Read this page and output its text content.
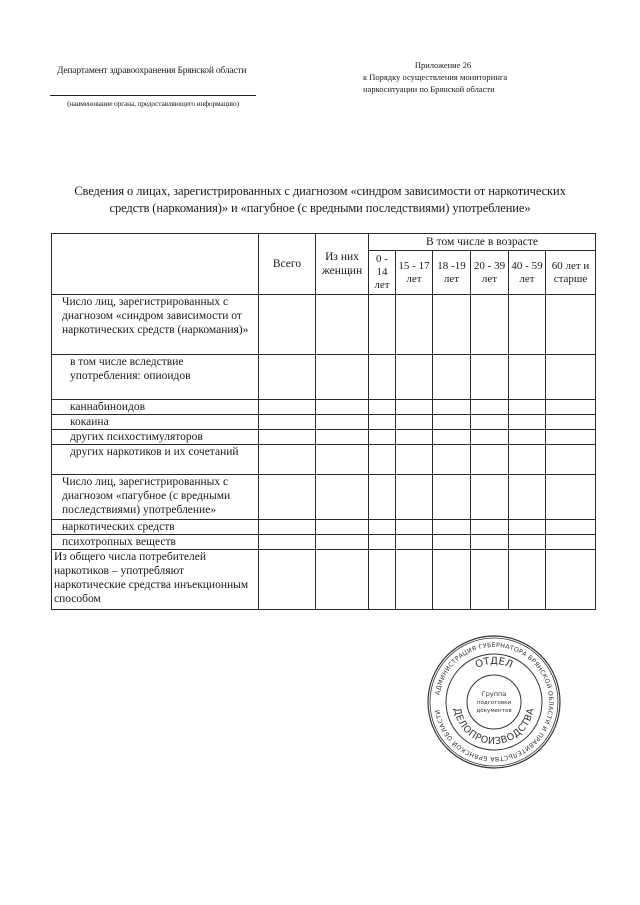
Департамент здравоохранения Брянской области
(наименование органа, предоставляющего информацию)
Приложение 26
к Порядку осуществления мониторинга
наркоситуации по Брянской области
Сведения о лицах, зарегистрированных с диагнозом «синдром зависимости от наркотических средств (наркомания)» и «пагубное (с вредными последствиями) употребление»
	Всего	Из них женщин	В том числе в возрасте					
			0 - 14 лет	15 - 17 лет	18 -19 лет	20 - 39 лет	40 - 59 лет	60 лет и старше
Число лиц, зарегистрированных с диагнозом «синдром зависимости от наркотических средств (наркомания)»								
в том числе вследствие употребления: опиоидов								
каннабиноидов								
кокаина								
других психостимуляторов								
других наркотиков и их сочетаний								
Число лиц, зарегистрированных с диагнозом «пагубное (с вредными последствиями) употребление»								
наркотических средств								
психотропных веществ								
Из общего числа потребителей наркотиков – употребляют наркотические средства инъекционным способом								
АДМИНИСТРАЦИЯ ГУБЕРНАТОРА БРЯНСКОЙ ОБЛАСТИ И ПРАВИТЕЛЬСТВА БРЯНСКОЙ ОБЛАСТИ
ОТДЕЛ
ДЕЛОПРОИЗВОДСТВА
Группа
подготовки
документов
